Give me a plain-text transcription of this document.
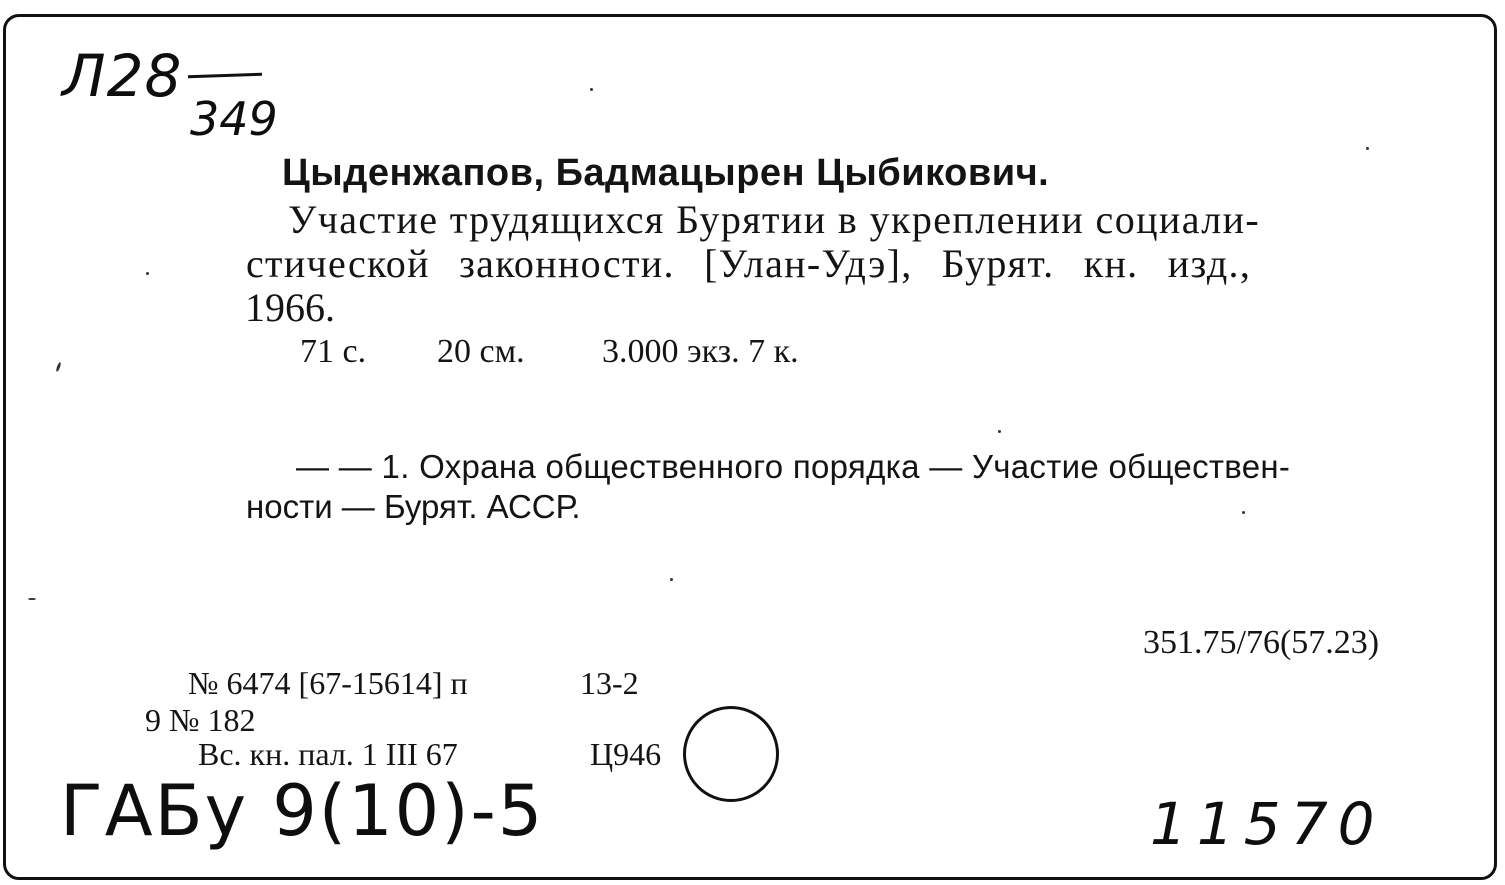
Л28
349
Цыденжапов, Бадмацырен Цыбикович.
Участие трудящихся Бурятии в укреплении социали-
стической законности. [Улан-Удэ], Бурят. кн. изд.,
1966.
71 с. 20 см. 3.000 экз. 7 к.
— — 1. Охрана общественного порядка — Участие обществен-
ности — Бурят. АССР.
351.75/76(57.23)
№ 6474 [67-15614] п	13-2
9 № 182
Вс. кн. пал. 1 III 67	Ц946
ГАБу 9(10)-5	11570
